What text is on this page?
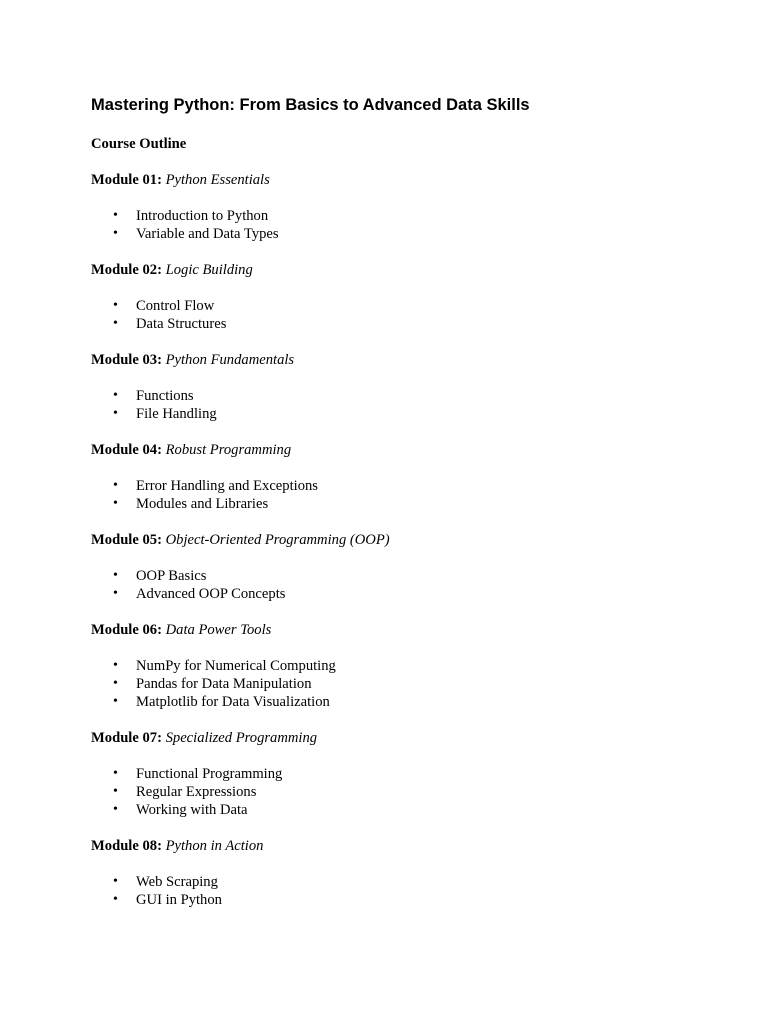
Mastering Python: From Basics to Advanced Data Skills

Course Outline

Module 01: Python Essentials

• Introduction to Python
• Variable and Data Types

Module 02: Logic Building

• Control Flow
• Data Structures

Module 03: Python Fundamentals

• Functions
• File Handling

Module 04: Robust Programming

• Error Handling and Exceptions
• Modules and Libraries

Module 05: Object-Oriented Programming (OOP)

• OOP Basics
• Advanced OOP Concepts

Module 06: Data Power Tools

• NumPy for Numerical Computing
• Pandas for Data Manipulation
• Matplotlib for Data Visualization

Module 07: Specialized Programming

• Functional Programming
• Regular Expressions
• Working with Data

Module 08: Python in Action

• Web Scraping
• GUI in Python
